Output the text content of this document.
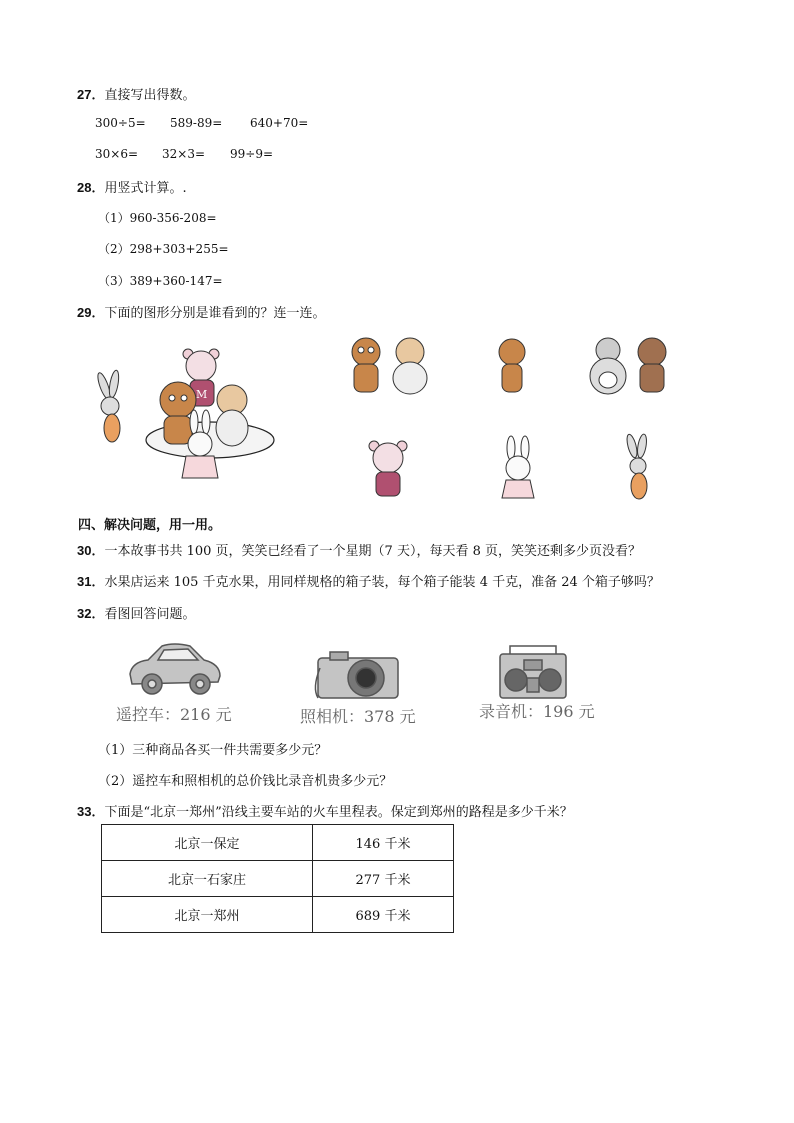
27．直接写出得数。
300÷5= 589-89= 640+70=
30×6= 32×3= 99÷9=
28．用竖式计算。.
（1）960-356-208=
（2）298+303+255=
（3）389+360-147=
29．下面的图形分别是谁看到的？连一连。
M
四、解决问题，用一用。
30．一本故事书共 100 页，笑笑已经看了一个星期（7 天），每天看 8 页，笑笑还剩多少页没看？
31．水果店运来 105 千克水果，用同样规格的箱子装，每个箱子能装 4 千克，准备 24 个箱子够吗？
32．看图回答问题。
遥控车：216 元	照相机：378 元	录音机：196 元
（1）三种商品各买一件共需要多少元？
（2）遥控车和照相机的总价钱比录音机贵多少元？
33．下面是“北京一郑州”沿线主要车站的火车里程表。保定到郑州的路程是多少千米？
北京一保定	146 千米
北京一石家庄	277 千米
北京一郑州	689 千米
